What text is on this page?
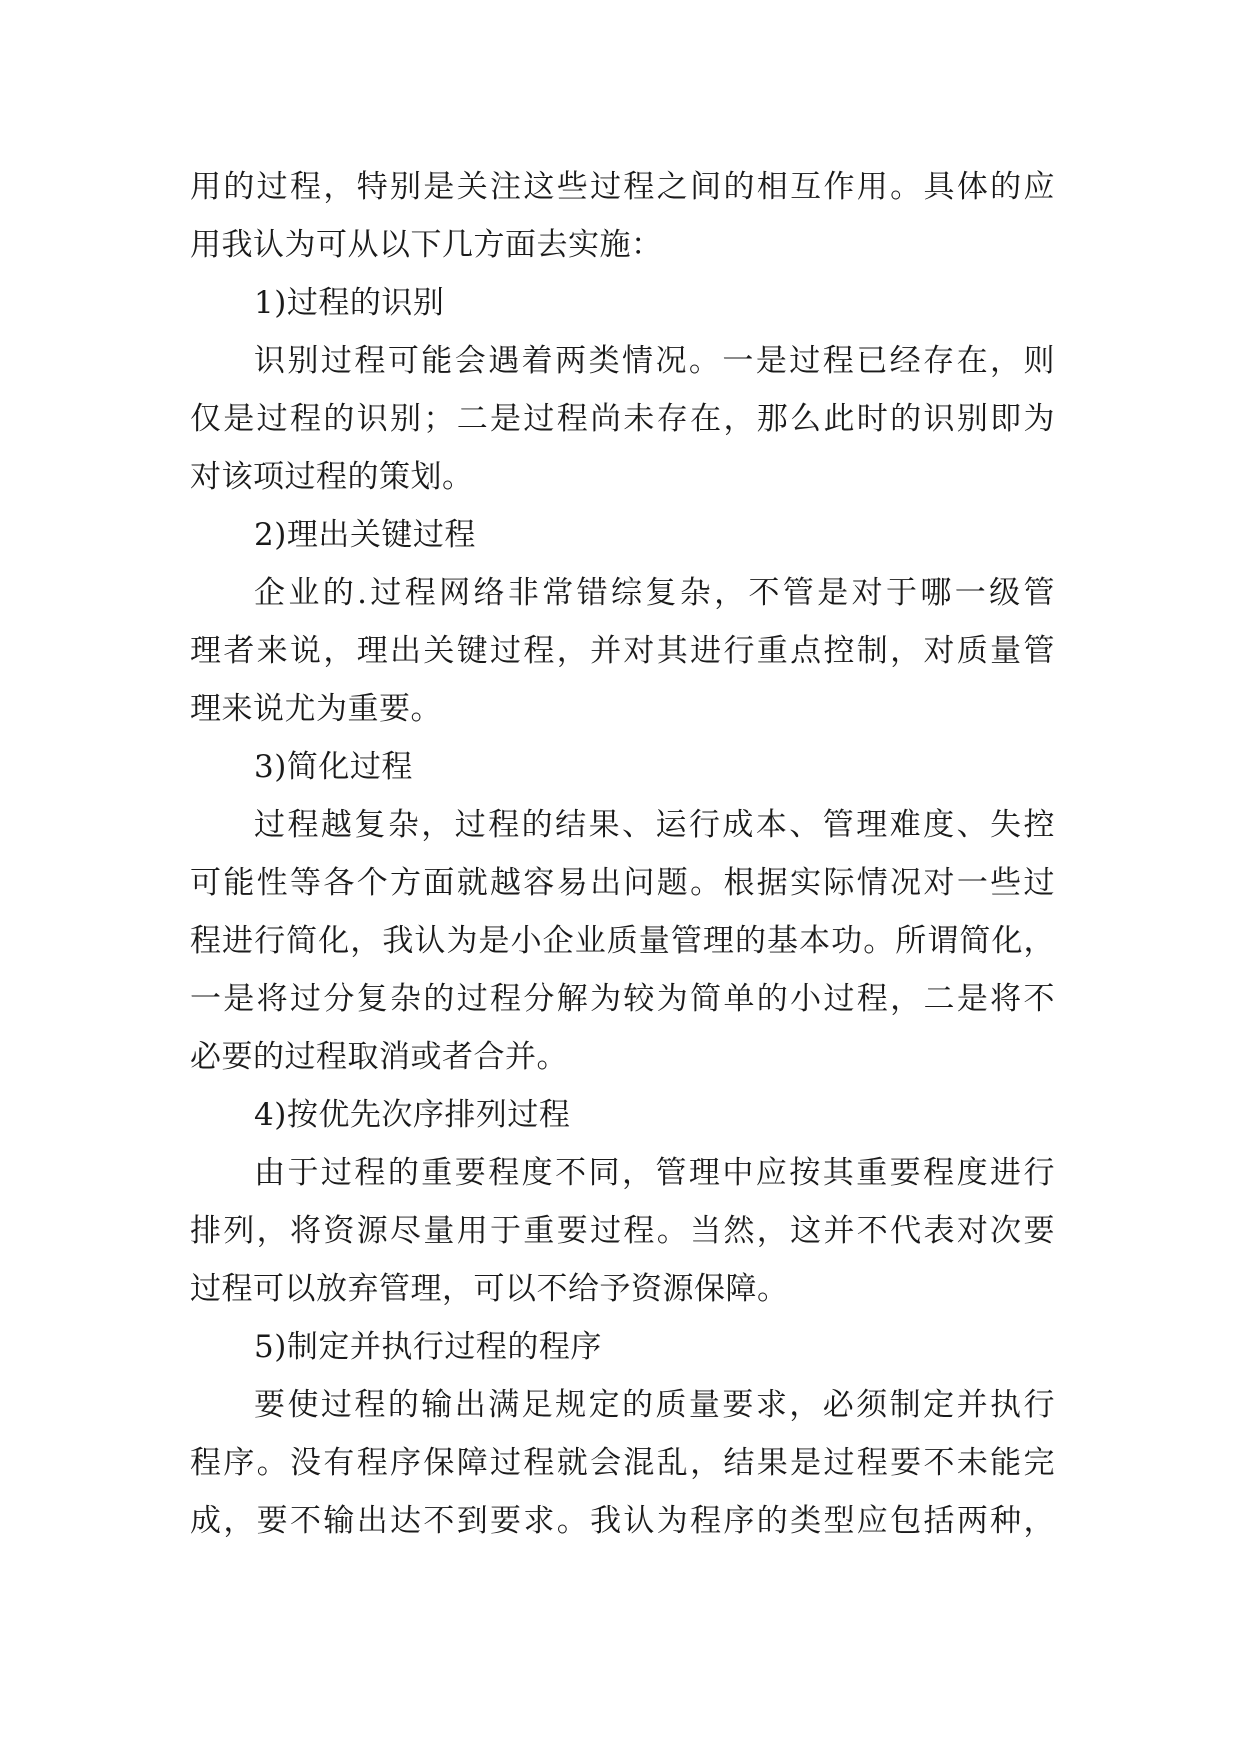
用的过程，特别是关注这些过程之间的相互作用。具体的应
用我认为可从以下几方面去实施：
1)过程的识别
识别过程可能会遇着两类情况。一是过程已经存在，则
仅是过程的识别；二是过程尚未存在，那么此时的识别即为
对该项过程的策划。
2)理出关键过程
企业的.过程网络非常错综复杂，不管是对于哪一级管
理者来说，理出关键过程，并对其进行重点控制，对质量管
理来说尤为重要。
3)简化过程
过程越复杂，过程的结果、运行成本、管理难度、失控
可能性等各个方面就越容易出问题。根据实际情况对一些过
程进行简化，我认为是小企业质量管理的基本功。所谓简化，
一是将过分复杂的过程分解为较为简单的小过程，二是将不
必要的过程取消或者合并。
4)按优先次序排列过程
由于过程的重要程度不同，管理中应按其重要程度进行
排列，将资源尽量用于重要过程。当然，这并不代表对次要
过程可以放弃管理，可以不给予资源保障。
5)制定并执行过程的程序
要使过程的输出满足规定的质量要求，必须制定并执行
程序。没有程序保障过程就会混乱，结果是过程要不未能完
成，要不输出达不到要求。我认为程序的类型应包括两种，
